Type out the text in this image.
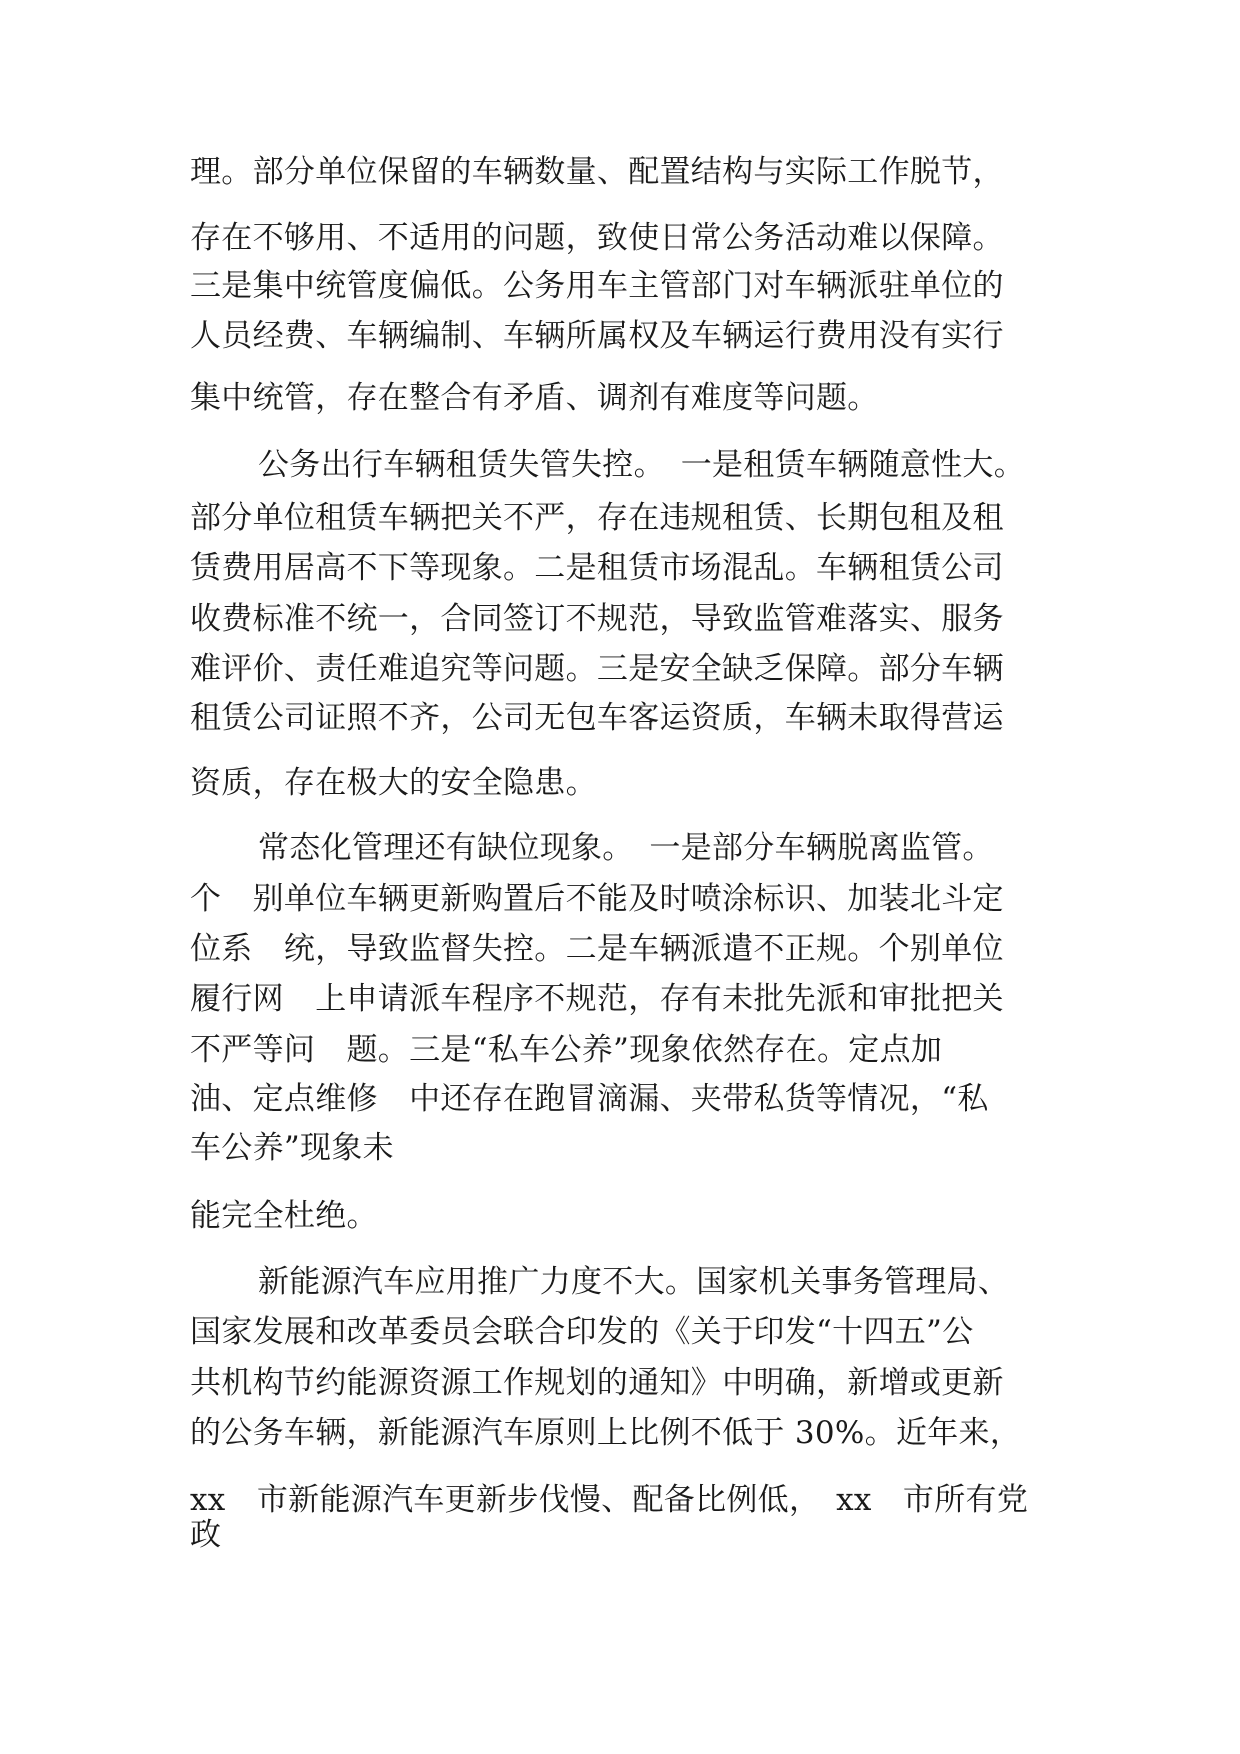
理。部分单位保留的车辆数量、配置结构与实际工作脱节，
存在不够用、不适用的问题，致使日常公务活动难以保障。
三是集中统管度偏低。公务用车主管部门对车辆派驻单位的
人员经费、车辆编制、车辆所属权及车辆运行费用没有实行
集中统管，存在整合有矛盾、调剂有难度等问题。
公务出行车辆租赁失管失控。　一是租赁车辆随意性大。
部分单位租赁车辆把关不严，存在违规租赁、长期包租及租
赁费用居高不下等现象。二是租赁市场混乱。车辆租赁公司
收费标准不统一，合同签订不规范，导致监管难落实、服务
难评价、责任难追究等问题。三是安全缺乏保障。部分车辆
租赁公司证照不齐，公司无包车客运资质，车辆未取得营运
资质，存在极大的安全隐患。
常态化管理还有缺位现象。　一是部分车辆脱离监管。
个　别单位车辆更新购置后不能及时喷涂标识、加装北斗定
位系　统，导致监督失控。二是车辆派遣不正规。个别单位
履行网　上申请派车程序不规范，存有未批先派和审批把关
不严等问　题。三是“私车公养”现象依然存在。定点加
油、定点维修　中还存在跑冒滴漏、夹带私货等情况，“私
车公养”现象未
能完全杜绝。
新能源汽车应用推广力度不大。国家机关事务管理局、
国家发展和改革委员会联合印发的《关于印发“十四五”公
共机构节约能源资源工作规划的通知》中明确，新增或更新
的公务车辆，新能源汽车原则上比例不低于 30%。近年来，
xx　市新能源汽车更新步伐慢、配备比例低，　xx　市所有党
政
